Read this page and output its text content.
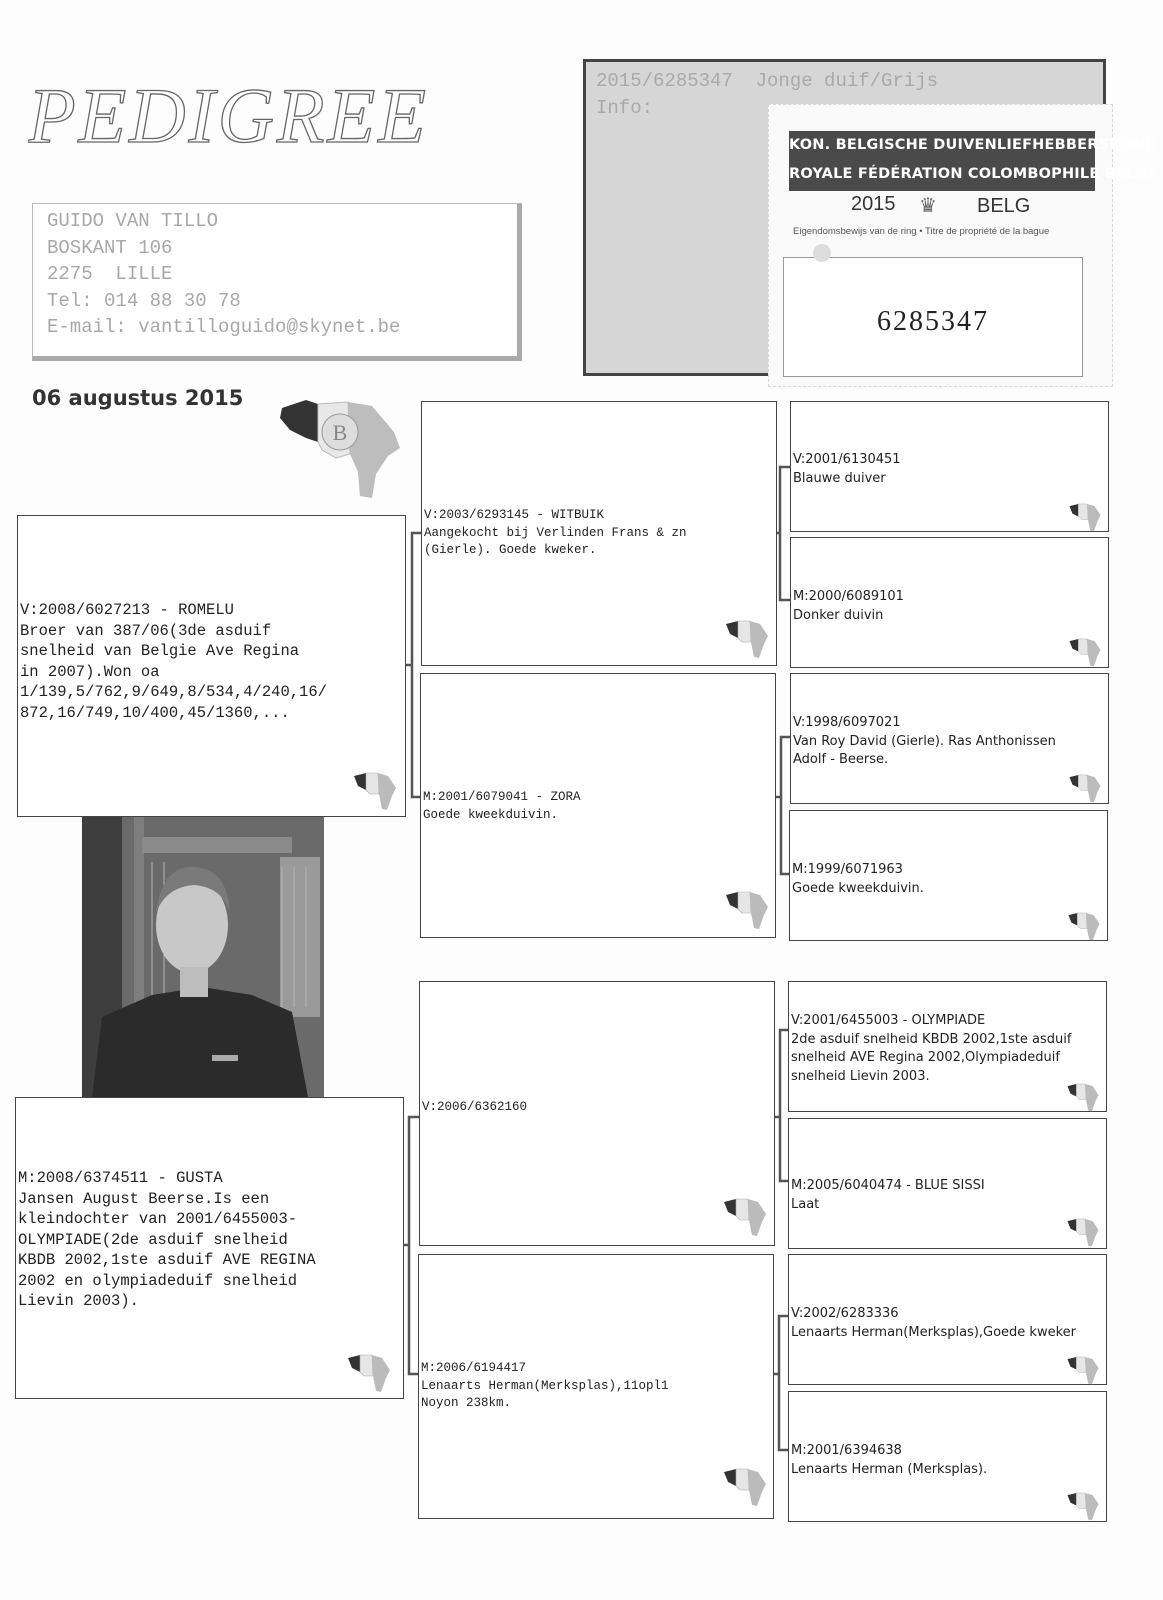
PEDIGREE
GUIDO VAN TILLO
BOSKANT 106
2275  LILLE
Tel: 014 88 30 78
E-mail: vantilloguido@skynet.be
06 augustus 2015
2015/6285347  Jonge duif/Grijs
Info:
KON. BELGISCHE DUIVENLIEFHEBBERSBOND
ROYALE FÉDÉRATION COLOMBOPHILE BELGE
2015 ♛ BELG
Eigendomsbewijs van de ring • Titre de propriété de la bague
6285347
B
V:2008/6027213 - ROMELU
Broer van 387/06(3de asduif
snelheid van Belgie Ave Regina
in 2007).Won oa
1/139,5/762,9/649,8/534,4/240,16/
872,16/749,10/400,45/1360,...
M:2008/6374511 - GUSTA
Jansen August Beerse.Is een
kleindochter van 2001/6455003-
OLYMPIADE(2de asduif snelheid
KBDB 2002,1ste asduif AVE REGINA
2002 en olympiadeduif snelheid
Lievin 2003).
V:2003/6293145 - WITBUIK
Aangekocht bij Verlinden Frans & zn
(Gierle). Goede kweker.
M:2001/6079041 - ZORA
Goede kweekduivin.
V:2006/6362160
M:2006/6194417
Lenaarts Herman(Merksplas),11opl1
Noyon 238km.
V:2001/6130451
Blauwe duiver
M:2000/6089101
Donker duivin
V:1998/6097021
Van Roy David (Gierle). Ras Anthonissen
Adolf - Beerse.
M:1999/6071963
Goede kweekduivin.
V:2001/6455003 - OLYMPIADE
2de asduif snelheid KBDB 2002,1ste asduif
snelheid AVE Regina 2002,Olympiadeduif
snelheid Lievin 2003.
M:2005/6040474 - BLUE SISSI
Laat
V:2002/6283336
Lenaarts Herman(Merksplas),Goede kweker
M:2001/6394638
Lenaarts Herman (Merksplas).
